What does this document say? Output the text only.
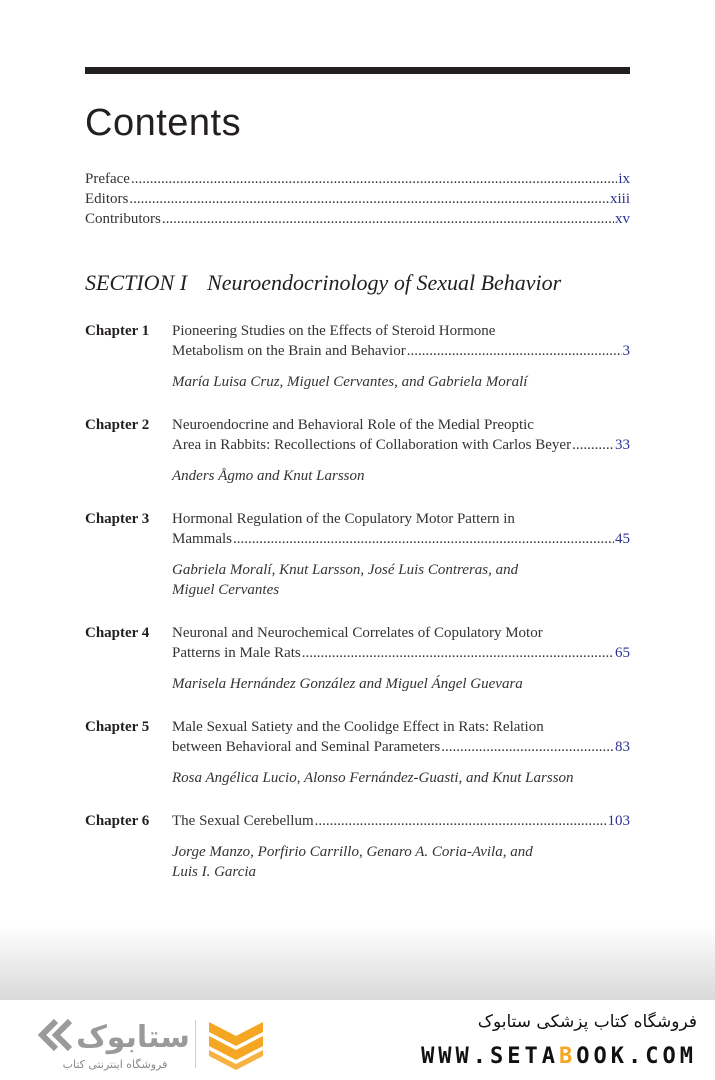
Contents
Preface .....	ix
Editors .....	xiii
Contributors .....	xv
SECTION I Neuroendocrinology of Sexual Behavior
Chapter 1 Pioneering Studies on the Effects of Steroid Hormone
Metabolism on the Brain and Behavior .....	3
María Luisa Cruz, Miguel Cervantes, and Gabriela Moralí
Chapter 2 Neuroendocrine and Behavioral Role of the Medial Preoptic
Area in Rabbits: Recollections of Collaboration with Carlos Beyer .....	33
Anders Ågmo and Knut Larsson
Chapter 3 Hormonal Regulation of the Copulatory Motor Pattern in
Mammals .....	45
Gabriela Moralí, Knut Larsson, José Luis Contreras, and
Miguel Cervantes
Chapter 4 Neuronal and Neurochemical Correlates of Copulatory Motor
Patterns in Male Rats .....	65
Marisela Hernández González and Miguel Ángel Guevara
Chapter 5 Male Sexual Satiety and the Coolidge Effect in Rats: Relation
between Behavioral and Seminal Parameters .....	83
Rosa Angélica Lucio, Alonso Fernández-Guasti, and Knut Larsson
Chapter 6 The Sexual Cerebellum .....	103
Jorge Manzo, Porfirio Carrillo, Genaro A. Coria-Avila, and
Luis I. Garcia
ستابوک
فروشگاه اینترنتی کتاب
فروشگاه کتاب پزشکی ستابوک
WWW.SETABOOK.COM
